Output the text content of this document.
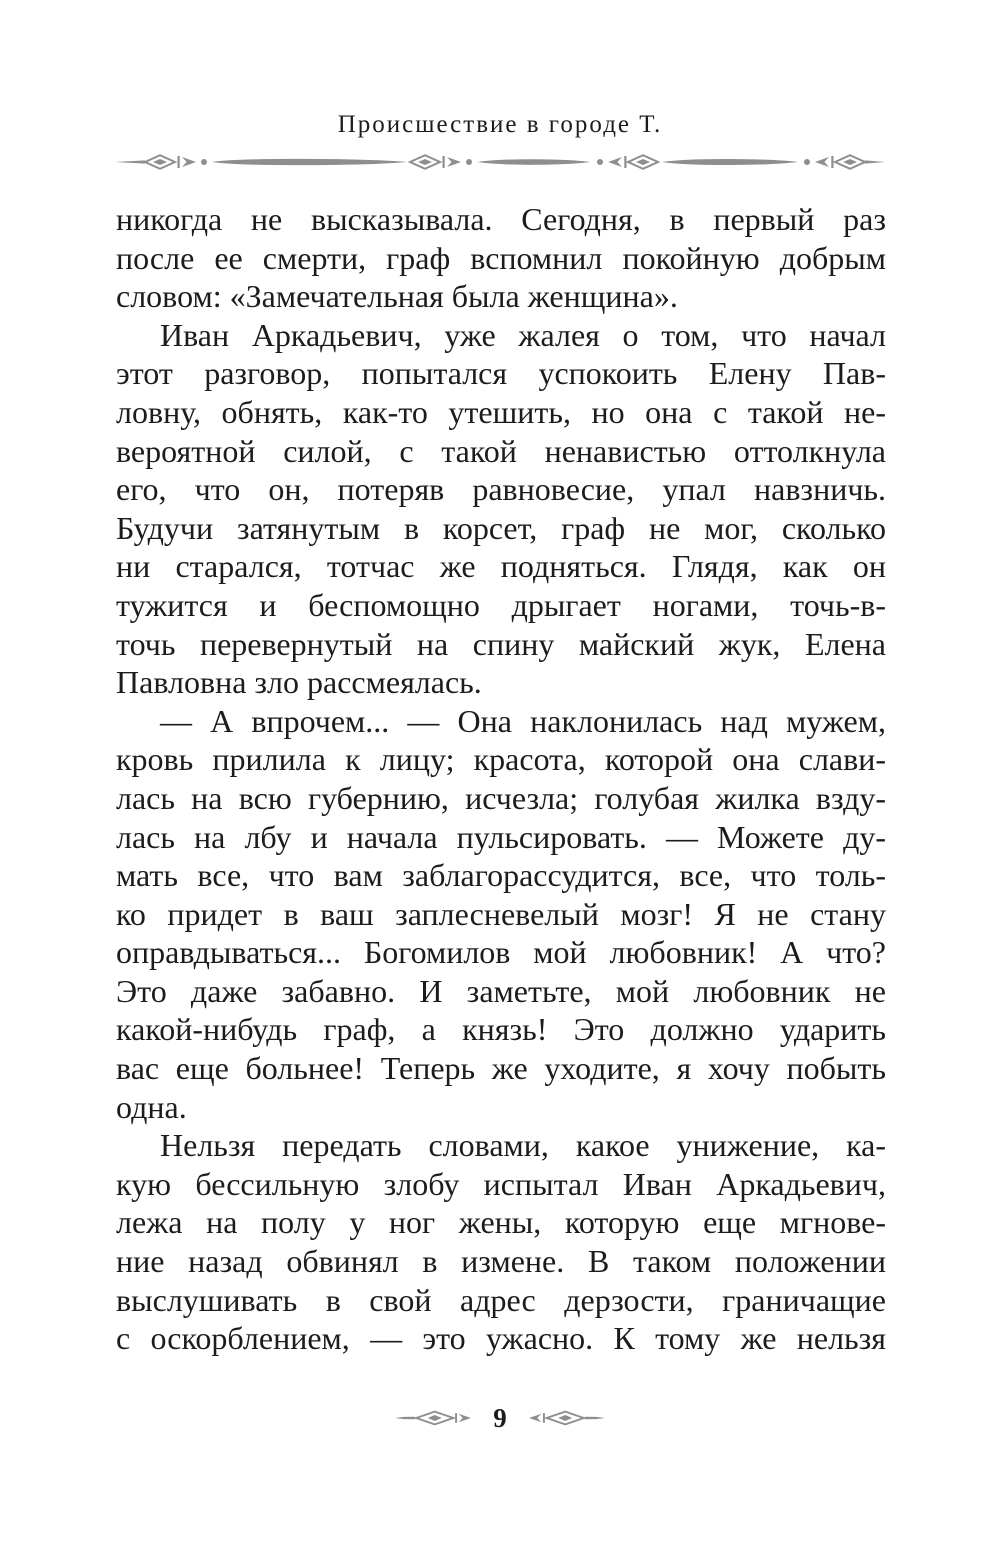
Происшествие в городе Т.
никогда не высказывала. Сегодня, в первый раз
после ее смерти, граф вспомнил покойную добрым
словом: «Замечательная была женщина».
Иван Аркадьевич, уже жалея о том, что начал
этот разговор, попытался успокоить Елену Пав-
ловну, обнять, как-то утешить, но она с такой не-
вероятной силой, с такой ненавистью оттолкнула
его, что он, потеряв равновесие, упал навзничь.
Будучи затянутым в корсет, граф не мог, сколько
ни старался, тотчас же подняться. Глядя, как он
тужится и беспомощно дрыгает ногами, точь-в-
точь перевернутый на спину майский жук, Елена
Павловна зло рассмеялась.
— А впрочем... — Она наклонилась над мужем,
кровь прилила к лицу; красота, которой она слави-
лась на всю губернию, исчезла; голубая жилка взду-
лась на лбу и начала пульсировать. — Можете ду-
мать все, что вам заблагорассудится, все, что толь-
ко придет в ваш заплесневелый мозг! Я не стану
оправдываться... Богомилов мой любовник! А что?
Это даже забавно. И заметьте, мой любовник не
какой-нибудь граф, а князь! Это должно ударить
вас еще больнее! Теперь же уходите, я хочу побыть
одна.
Нельзя передать словами, какое унижение, ка-
кую бессильную злобу испытал Иван Аркадьевич,
лежа на полу у ног жены, которую еще мгнове-
ние назад обвинял в измене. В таком положении
выслушивать в свой адрес дерзости, граничащие
с оскорблением, — это ужасно. К тому же нельзя
9
